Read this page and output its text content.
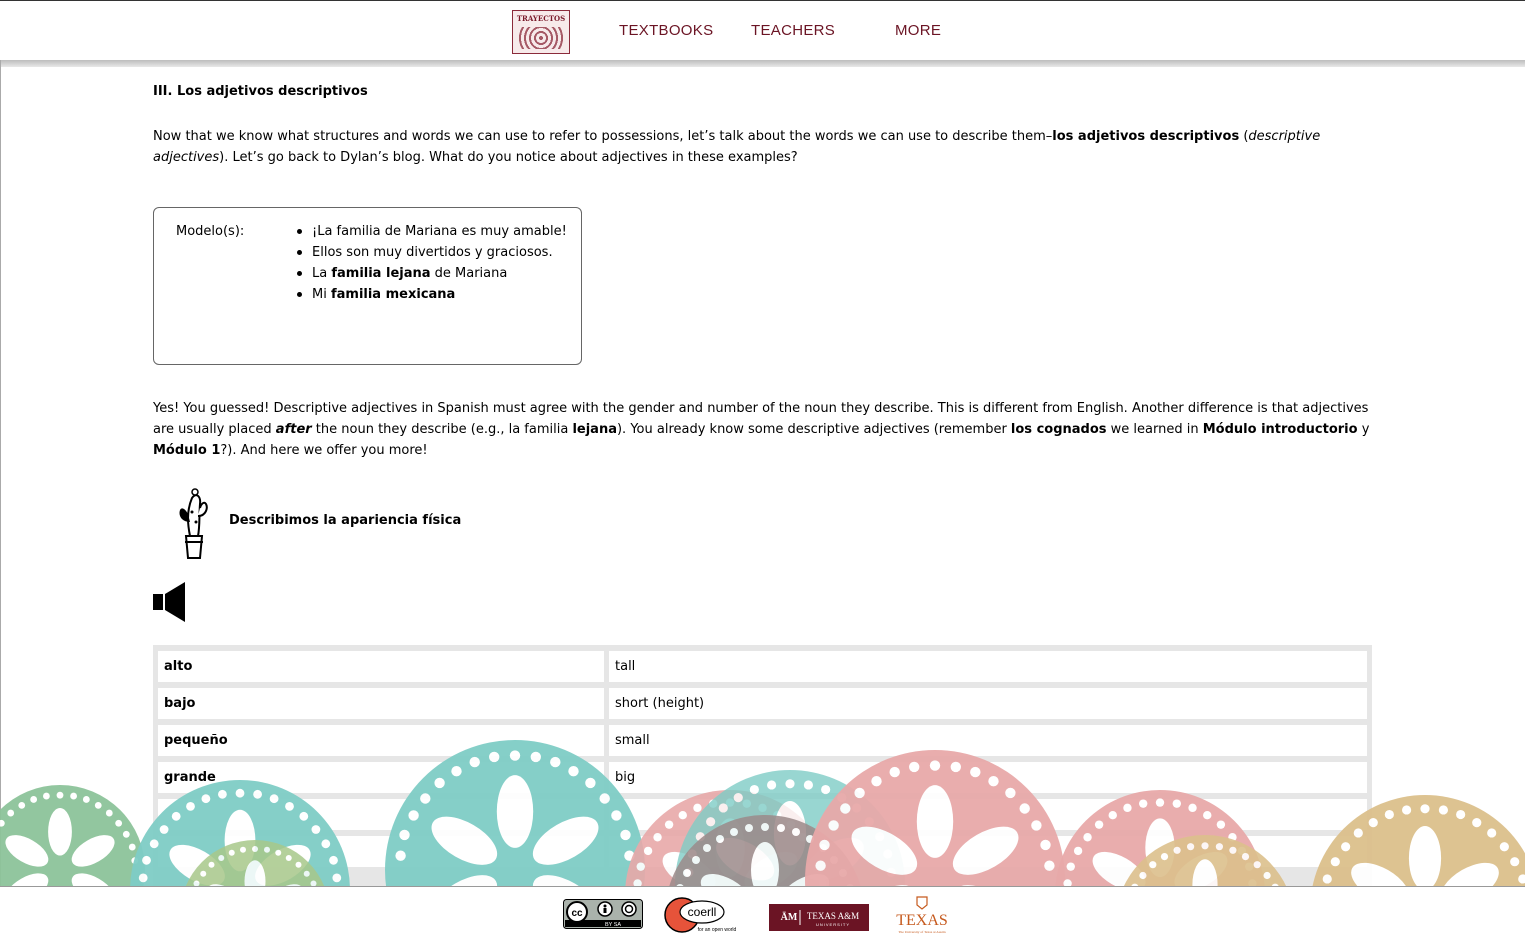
TRAYECTOS
TEXTBOOKS	TEACHERS	MORE
III. Los adjetivos descriptivos

Now that we know what structures and words we can use to refer to possessions, let’s talk about the words we can use to describe them–los adjetivos descriptivos (descriptive adjectives). Let’s go back to Dylan’s blog. What do you notice about adjectives in these examples?

Modelo(s):	¡La familia de Mariana es muy amable!
Ellos son muy divertidos y graciosos.
La familia lejana de Mariana
Mi familia mexicana

Yes! You guessed! Descriptive adjectives in Spanish must agree with the gender and number of the noun they describe. This is different from English. Another difference is that adjectives are usually placed after the noun they describe (e.g., la familia lejana). You already know some descriptive adjectives (remember los cognados we learned in Módulo introductorio y Módulo 1?). And here we offer you more!

Describimos la apariencia física
alto	tall
bajo	short (height)
pequeño	small
grande	big
cc
BY SA
coerll
for an open world
ĀM TEXAS A&M
UNIVERSITY	TEXAS
The University of Texas at Austin
